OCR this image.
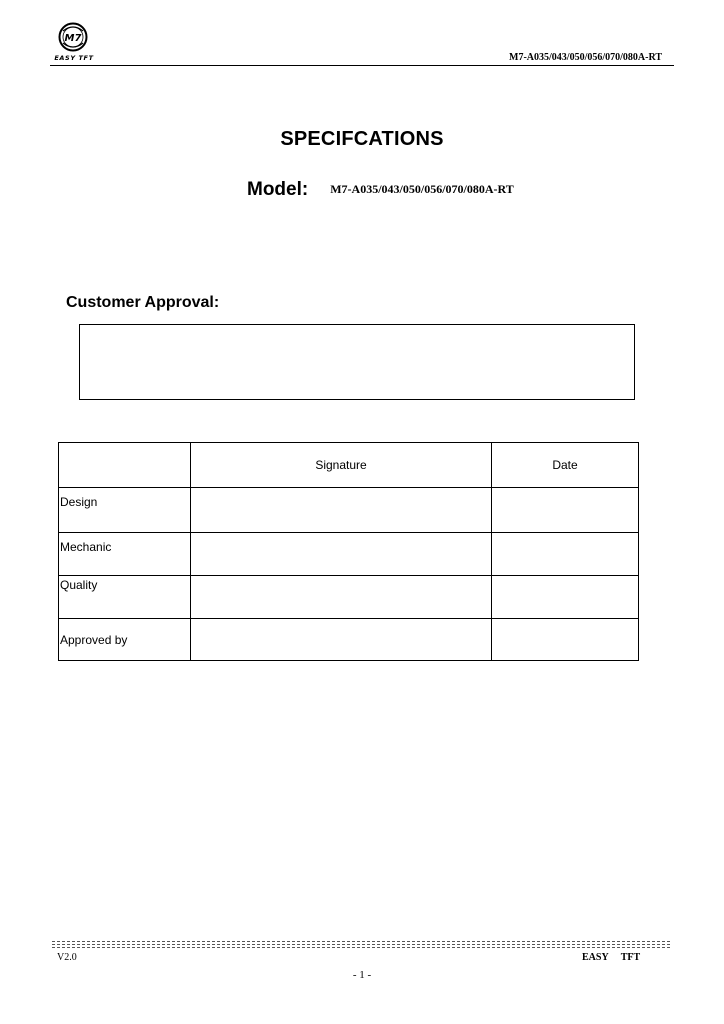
M7
EASY TFT	M7-A035/043/050/056/070/080A-RT
SPECIFCATIONS
Model: M7-A035/043/050/056/070/080A-RT
Customer Approval:
	Signature	Date

Design		

Mechanic		

Quality		

Approved by		

V2.0	EASY TFT
- 1 -
